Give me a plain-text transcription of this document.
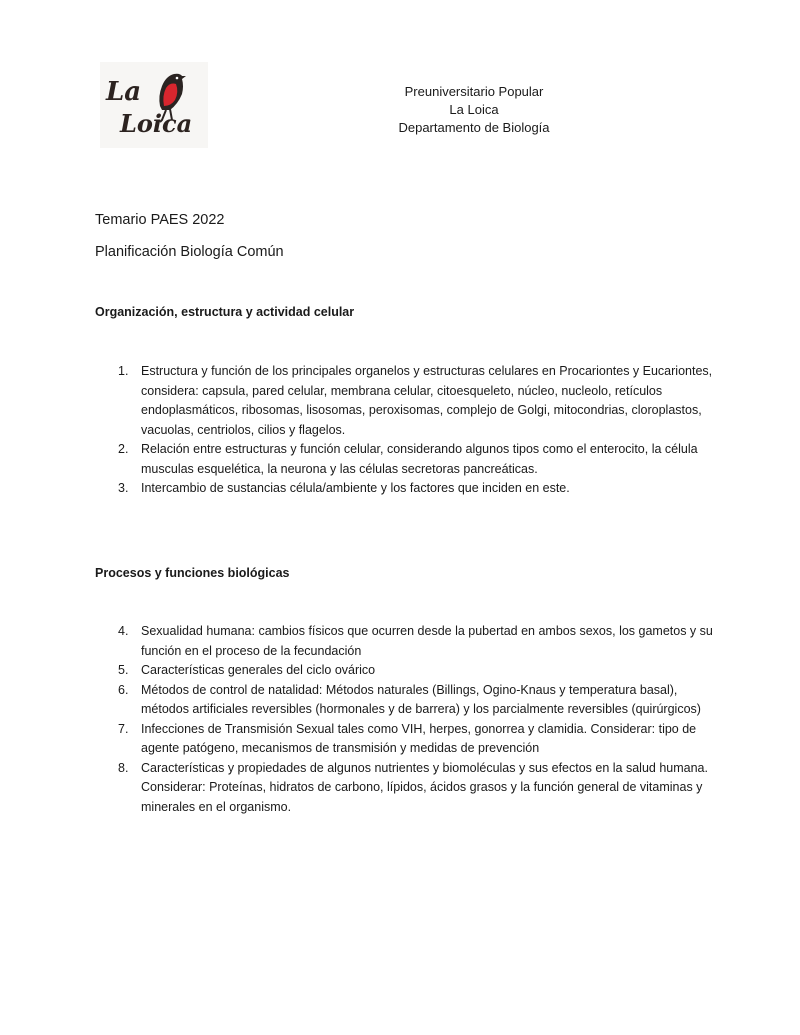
La
Loica
Preuniversitario Popular
La Loica
Departamento de Biología
Temario PAES 2022
Planificación Biología Común
Organización, estructura y actividad celular
1. Estructura y función de los principales organelos y estructuras celulares en Procariontes y Eucariontes, considera: capsula, pared celular, membrana celular, citoesqueleto, núcleo, nucleolo, retículos endoplasmáticos, ribosomas, lisosomas, peroxisomas, complejo de Golgi, mitocondrias, cloroplastos, vacuolas, centriolos, cilios y flagelos.
2. Relación entre estructuras y función celular, considerando algunos tipos como el enterocito, la célula musculas esquelética, la neurona y las células secretoras pancreáticas.
3. Intercambio de sustancias célula/ambiente y los factores que inciden en este.
Procesos y funciones biológicas
4. Sexualidad humana: cambios físicos que ocurren desde la pubertad en ambos sexos, los gametos y su función en el proceso de la fecundación
5. Características generales del ciclo ovárico
6. Métodos de control de natalidad: Métodos naturales (Billings, Ogino-Knaus y temperatura basal), métodos artificiales reversibles (hormonales y de barrera) y los parcialmente reversibles (quirúrgicos)
7. Infecciones de Transmisión Sexual tales como VIH, herpes, gonorrea y clamidia. Considerar: tipo de agente patógeno, mecanismos de transmisión y medidas de prevención
8. Características y propiedades de algunos nutrientes y biomoléculas y sus efectos en la salud humana. Considerar: Proteínas, hidratos de carbono, lípidos, ácidos grasos y la función general de vitaminas y minerales en el organismo.
